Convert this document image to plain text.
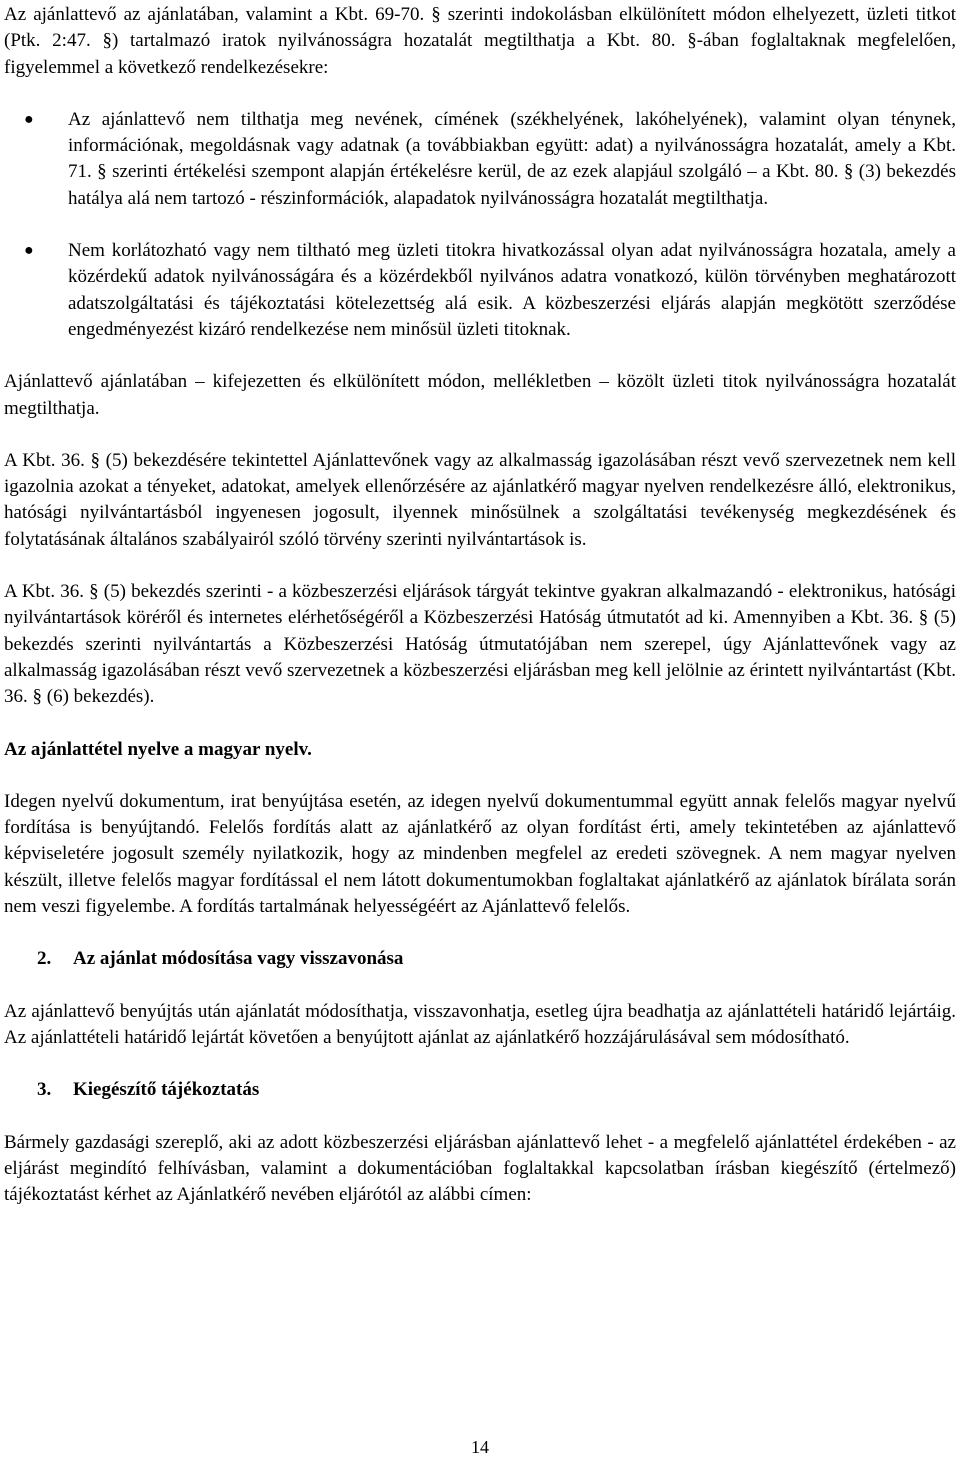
Az ajánlattevő az ajánlatában, valamint a Kbt. 69-70. § szerinti indokolásban elkülönített módon elhelyezett, üzleti titkot (Ptk. 2:47. §) tartalmazó iratok nyilvánosságra hozatalát megtilthatja a Kbt. 80. §-ában foglaltaknak megfelelően, figyelemmel a következő rendelkezésekre:

● Az ajánlattevő nem tilthatja meg nevének, címének (székhelyének, lakóhelyének), valamint olyan ténynek, információnak, megoldásnak vagy adatnak (a továbbiakban együtt: adat) a nyilvánosságra hozatalát, amely a Kbt. 71. § szerinti értékelési szempont alapján értékelésre kerül, de az ezek alapjául szolgáló – a Kbt. 80. § (3) bekezdés hatálya alá nem tartozó - részinformációk, alapadatok nyilvánosságra hozatalát megtilthatja.
● Nem korlátozható vagy nem tiltható meg üzleti titokra hivatkozással olyan adat nyilvánosságra hozatala, amely a közérdekű adatok nyilvánosságára és a közérdekből nyilvános adatra vonatkozó, külön törvényben meghatározott adatszolgáltatási és tájékoztatási kötelezettség alá esik. A közbeszerzési eljárás alapján megkötött szerződése engedményezést kizáró rendelkezése nem minősül üzleti titoknak.

Ajánlattevő ajánlatában – kifejezetten és elkülönített módon, mellékletben – közölt üzleti titok nyilvánosságra hozatalát megtilthatja.

A Kbt. 36. § (5) bekezdésére tekintettel Ajánlattevőnek vagy az alkalmasság igazolásában részt vevő szervezetnek nem kell igazolnia azokat a tényeket, adatokat, amelyek ellenőrzésére az ajánlatkérő magyar nyelven rendelkezésre álló, elektronikus, hatósági nyilvántartásból ingyenesen jogosult, ilyennek minősülnek a szolgáltatási tevékenység megkezdésének és folytatásának általános szabályairól szóló törvény szerinti nyilvántartások is.

A Kbt. 36. § (5) bekezdés szerinti - a közbeszerzési eljárások tárgyát tekintve gyakran alkalmazandó - elektronikus, hatósági nyilvántartások köréről és internetes elérhetőségéről a Közbeszerzési Hatóság útmutatót ad ki. Amennyiben a Kbt. 36. § (5) bekezdés szerinti nyilvántartás a Közbeszerzési Hatóság útmutatójában nem szerepel, úgy Ajánlattevőnek vagy az alkalmasság igazolásában részt vevő szervezetnek a közbeszerzési eljárásban meg kell jelölnie az érintett nyilvántartást (Kbt. 36. § (6) bekezdés).

Az ajánlattétel nyelve a magyar nyelv.

Idegen nyelvű dokumentum, irat benyújtása esetén, az idegen nyelvű dokumentummal együtt annak felelős magyar nyelvű fordítása is benyújtandó. Felelős fordítás alatt az ajánlatkérő az olyan fordítást érti, amely tekintetében az ajánlattevő képviseletére jogosult személy nyilatkozik, hogy az mindenben megfelel az eredeti szövegnek. A nem magyar nyelven készült, illetve felelős magyar fordítással el nem látott dokumentumokban foglaltakat ajánlatkérő az ajánlatok bírálata során nem veszi figyelembe. A fordítás tartalmának helyességéért az Ajánlattevő felelős.

2.	Az ajánlat módosítása vagy visszavonása

Az ajánlattevő benyújtás után ajánlatát módosíthatja, visszavonhatja, esetleg újra beadhatja az ajánlattételi határidő lejártáig. Az ajánlattételi határidő lejártát követően a benyújtott ajánlat az ajánlatkérő hozzájárulásával sem módosítható.

3.	Kiegészítő tájékoztatás

Bármely gazdasági szereplő, aki az adott közbeszerzési eljárásban ajánlattevő lehet - a megfelelő ajánlattétel érdekében - az eljárást megindító felhívásban, valamint a dokumentációban foglaltakkal kapcsolatban írásban kiegészítő (értelmező) tájékoztatást kérhet az Ajánlatkérő nevében eljárótól az alábbi címen:

14
